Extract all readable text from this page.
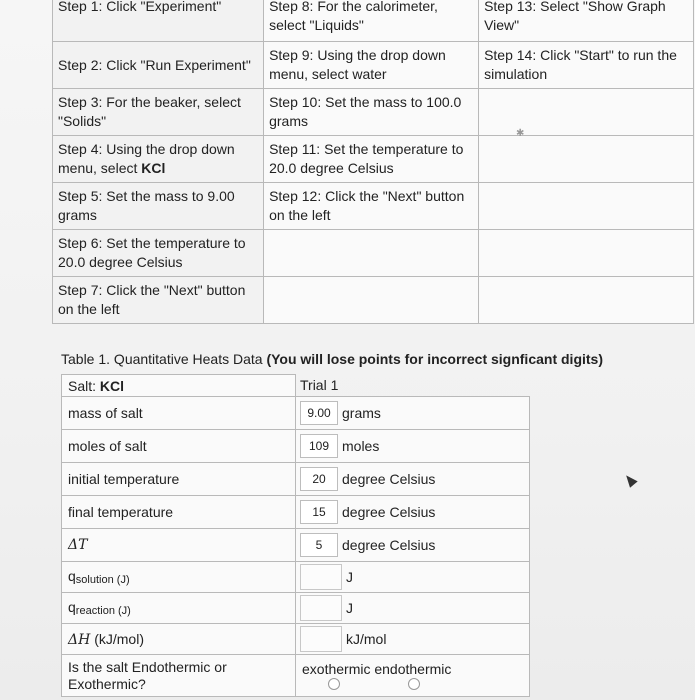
Step 1: Click "Experiment"	Step 8: For the calorimeter, select "Liquids"	Step 13: Select "Show Graph View"
Step 2: Click "Run Experiment"	Step 9: Using the drop down menu, select water	Step 14: Click "Start" to run the simulation
Step 3: For the beaker, select "Solids"	Step 10: Set the mass to 100.0 grams	
Step 4: Using the drop down menu, select KCl	Step 11: Set the temperature to 20.0 degree Celsius	
Step 5: Set the mass to 9.00 grams	Step 12: Click the "Next" button on the left	
Step 6: Set the temperature to 20.0 degree Celsius		
Step 7: Click the "Next" button on the left		
Table 1. Quantitative Heats Data (You will lose points for incorrect signficant digits)
Salt: KCl	Trial 1
mass of salt	9.00 grams
moles of salt	109 moles
initial temperature	20 degree Celsius
final temperature	15 degree Celsius
ΔT	5 degree Celsius
qsolution (J)	J
qreaction (J)	J
ΔH (kJ/mol)	kJ/mol
Is the salt Endothermic or Exothermic?	exothermic endothermic
✱
